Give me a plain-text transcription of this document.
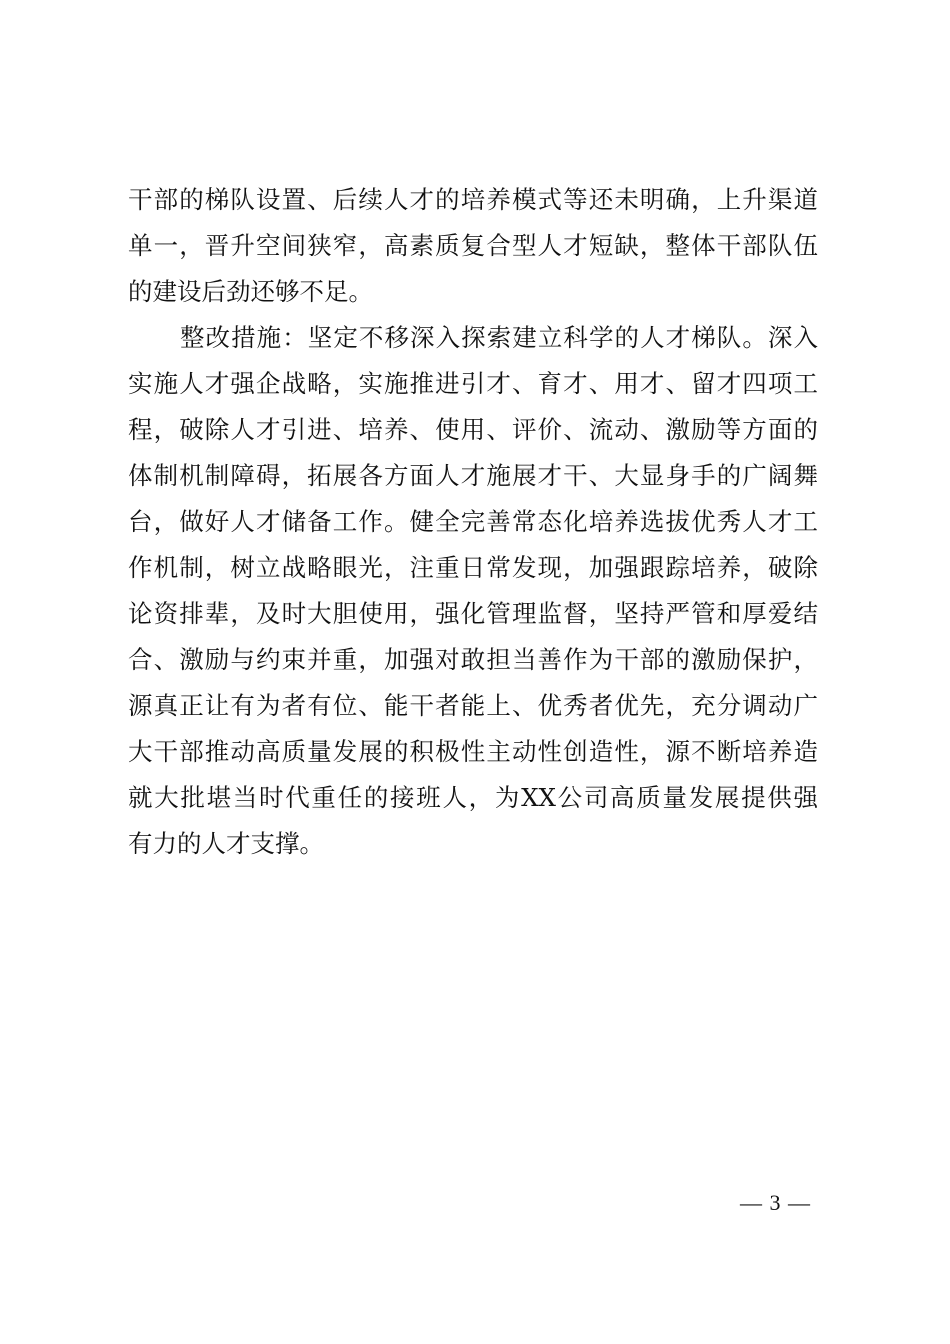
干部的梯队设置、后续人才的培养模式等还未明确，上升渠道
单一，晋升空间狭窄，高素质复合型人才短缺，整体干部队伍
的建设后劲还够不足。
整改措施：坚定不移深入探索建立科学的人才梯队。深入
实施人才强企战略，实施推进引才、育才、用才、留才四项工
程，破除人才引进、培养、使用、评价、流动、激励等方面的
体制机制障碍，拓展各方面人才施展才干、大显身手的广阔舞
台，做好人才储备工作。健全完善常态化培养选拔优秀人才工
作机制，树立战略眼光，注重日常发现，加强跟踪培养，破除
论资排辈，及时大胆使用，强化管理监督，坚持严管和厚爱结
合、激励与约束并重，加强对敢担当善作为干部的激励保护，
源真正让有为者有位、能干者能上、优秀者优先，充分调动广
大干部推动高质量发展的积极性主动性创造性，源不断培养造
就大批堪当时代重任的接班人，为XX公司高质量发展提供强
有力的人才支撑。
— 3 —
